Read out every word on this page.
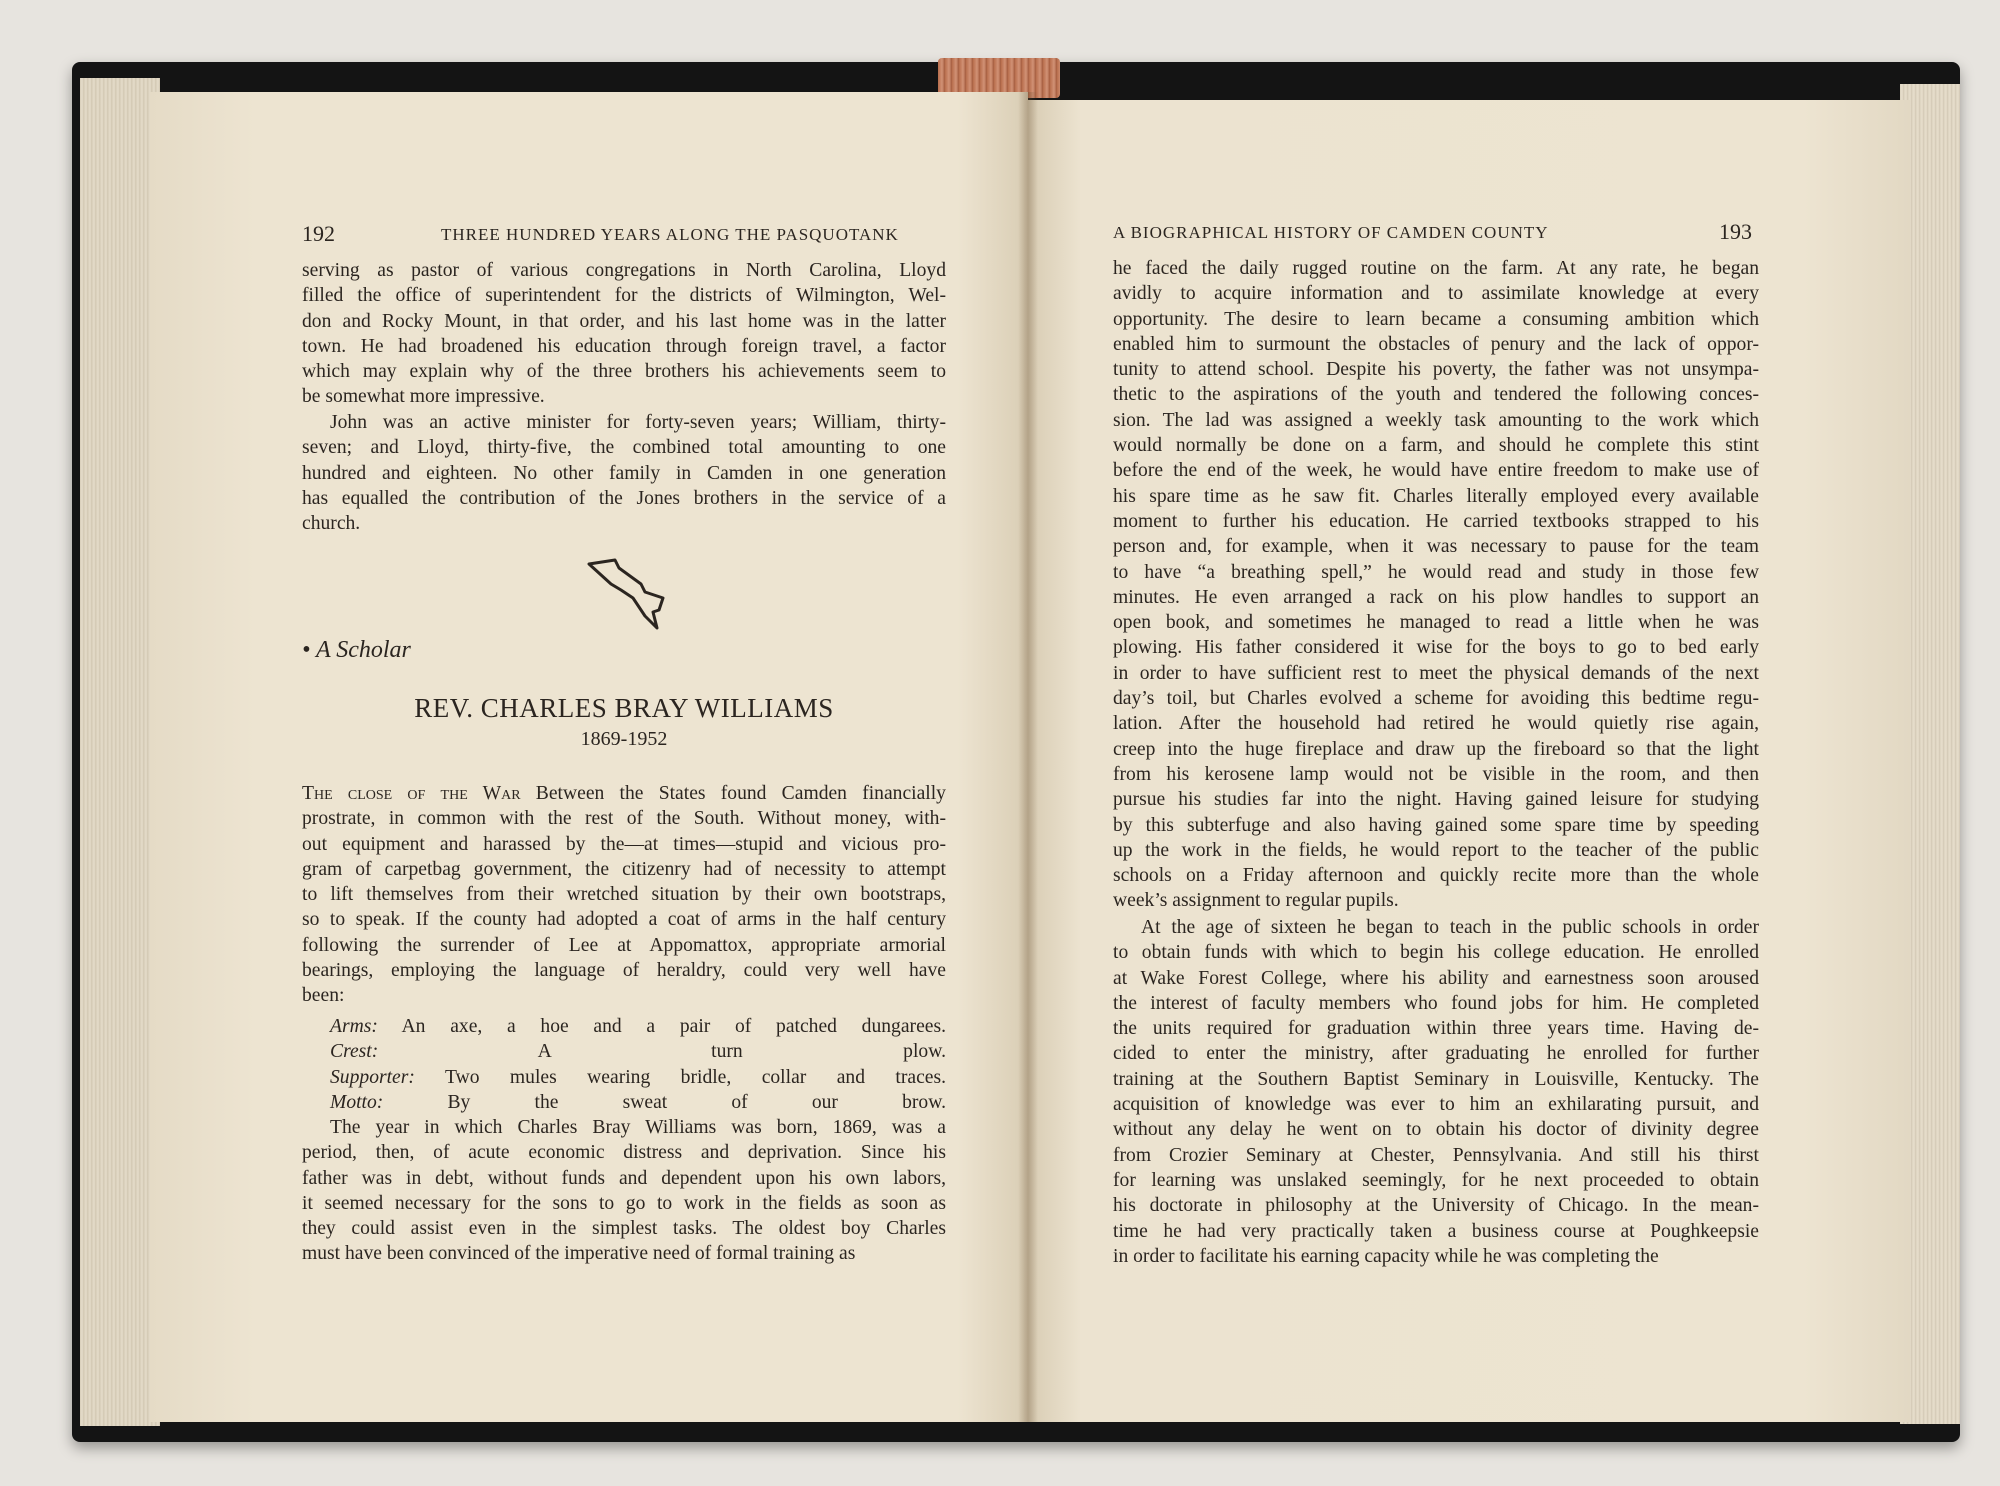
192	THREE HUNDRED YEARS ALONG THE PASQUOTANK
serving as pastor of various congregations in North Carolina, Lloyd
filled the office of superintendent for the districts of Wilmington, Wel-
don and Rocky Mount, in that order, and his last home was in the latter
town. He had broadened his education through foreign travel, a factor
which may explain why of the three brothers his achievements seem to
be somewhat more impressive.
John was an active minister for forty-seven years; William, thirty-
seven; and Lloyd, thirty-five, the combined total amounting to one
hundred and eighteen. No other family in Camden in one generation
has equalled the contribution of the Jones brothers in the service of a
church.
• A Scholar
REV. CHARLES BRAY WILLIAMS
1869-1952
The close of the War Between the States found Camden financially
prostrate, in common with the rest of the South. Without money, with-
out equipment and harassed by the—at times—stupid and vicious pro-
gram of carpetbag government, the citizenry had of necessity to attempt
to lift themselves from their wretched situation by their own bootstraps,
so to speak. If the county had adopted a coat of arms in the half century
following the surrender of Lee at Appomattox, appropriate armorial
bearings, employing the language of heraldry, could very well have
been:
Arms: An axe, a hoe and a pair of patched dungarees.
Crest: A turn plow.
Supporter: Two mules wearing bridle, collar and traces.
Motto: By the sweat of our brow.
The year in which Charles Bray Williams was born, 1869, was a
period, then, of acute economic distress and deprivation. Since his
father was in debt, without funds and dependent upon his own labors,
it seemed necessary for the sons to go to work in the fields as soon as
they could assist even in the simplest tasks. The oldest boy Charles
must have been convinced of the imperative need of formal training as
A BIOGRAPHICAL HISTORY OF CAMDEN COUNTY	193
he faced the daily rugged routine on the farm. At any rate, he began
avidly to acquire information and to assimilate knowledge at every
opportunity. The desire to learn became a consuming ambition which
enabled him to surmount the obstacles of penury and the lack of oppor-
tunity to attend school. Despite his poverty, the father was not unsympa-
thetic to the aspirations of the youth and tendered the following conces-
sion. The lad was assigned a weekly task amounting to the work which
would normally be done on a farm, and should he complete this stint
before the end of the week, he would have entire freedom to make use of
his spare time as he saw fit. Charles literally employed every available
moment to further his education. He carried textbooks strapped to his
person and, for example, when it was necessary to pause for the team
to have “a breathing spell,” he would read and study in those few
minutes. He even arranged a rack on his plow handles to support an
open book, and sometimes he managed to read a little when he was
plowing. His father considered it wise for the boys to go to bed early
in order to have sufficient rest to meet the physical demands of the next
day’s toil, but Charles evolved a scheme for avoiding this bedtime regu-
lation. After the household had retired he would quietly rise again,
creep into the huge fireplace and draw up the fireboard so that the light
from his kerosene lamp would not be visible in the room, and then
pursue his studies far into the night. Having gained leisure for studying
by this subterfuge and also having gained some spare time by speeding
up the work in the fields, he would report to the teacher of the public
schools on a Friday afternoon and quickly recite more than the whole
week’s assignment to regular pupils.
At the age of sixteen he began to teach in the public schools in order
to obtain funds with which to begin his college education. He enrolled
at Wake Forest College, where his ability and earnestness soon aroused
the interest of faculty members who found jobs for him. He completed
the units required for graduation within three years time. Having de-
cided to enter the ministry, after graduating he enrolled for further
training at the Southern Baptist Seminary in Louisville, Kentucky. The
acquisition of knowledge was ever to him an exhilarating pursuit, and
without any delay he went on to obtain his doctor of divinity degree
from Crozier Seminary at Chester, Pennsylvania. And still his thirst
for learning was unslaked seemingly, for he next proceeded to obtain
his doctorate in philosophy at the University of Chicago. In the mean-
time he had very practically taken a business course at Poughkeepsie
in order to facilitate his earning capacity while he was completing the
